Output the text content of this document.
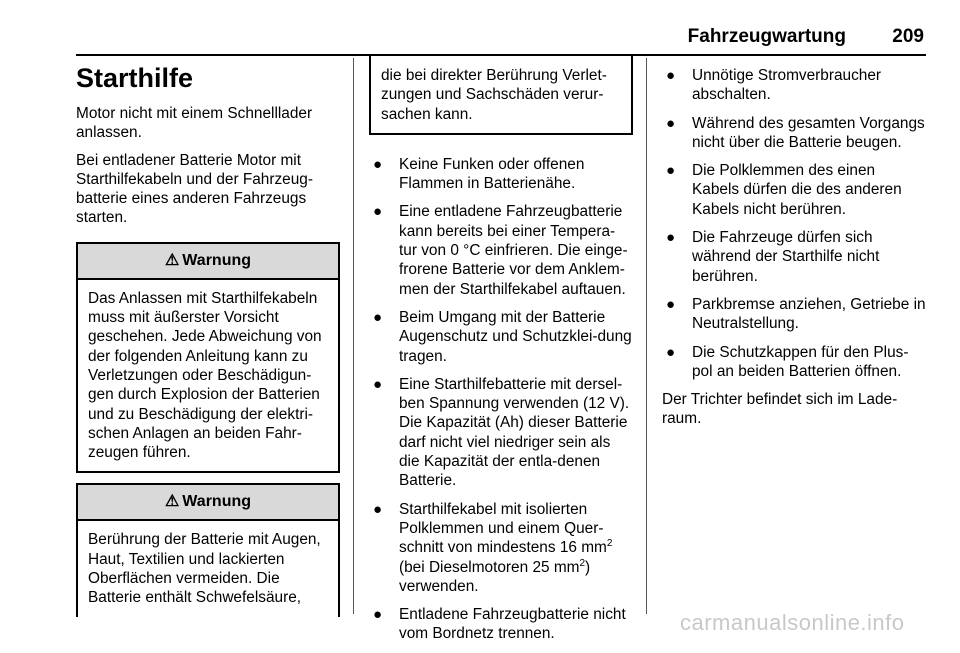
Fahrzeugwartung 209
Starthilfe

Motor nicht mit einem Schnelllader anlassen.

Bei entladener Batterie Motor mit Starthilfekabeln und der Fahrzeug-batterie eines anderen Fahrzeugs starten.

⚠ Warnung
Das Anlassen mit Starthilfekabeln muss mit äußerster Vorsicht geschehen. Jede Abweichung von der folgenden Anleitung kann zu Verletzungen oder Beschädigun-gen durch Explosion der Batterien und zu Beschädigung der elektri-schen Anlagen an beiden Fahr-zeugen führen.
⚠ Warnung
Berührung der Batterie mit Augen, Haut, Textilien und lackierten Oberflächen vermeiden. Die Batterie enthält Schwefelsäure,
die bei direkter Berührung Verlet-zungen und Sachschäden verur-sachen kann.
● Keine Funken oder offenen Flammen in Batterienähe.
● Eine entladene Fahrzeugbatterie kann bereits bei einer Tempera-tur von 0 °C einfrieren. Die einge-frorene Batterie vor dem Anklem-men der Starthilfekabel auftauen.
● Beim Umgang mit der Batterie Augenschutz und Schutzklei-dung tragen.
● Eine Starthilfebatterie mit dersel-ben Spannung verwenden (12 V). Die Kapazität (Ah) dieser Batterie darf nicht viel niedriger sein als die Kapazität der entla-denen Batterie.
● Starthilfekabel mit isolierten Polklemmen und einem Quer-schnitt von mindestens 16 $mm^2$ (bei Dieselmotoren 25 $mm^2$) verwenden.
● Entladene Fahrzeugbatterie nicht vom Bordnetz trennen.
● Unnötige Stromverbraucher abschalten.
● Während des gesamten Vorgangs nicht über die Batterie beugen.
● Die Polklemmen des einen Kabels dürfen die des anderen Kabels nicht berühren.
● Die Fahrzeuge dürfen sich während der Starthilfe nicht berühren.
● Parkbremse anziehen, Getriebe in Neutralstellung.
● Die Schutzkappen für den Plus-pol an beiden Batterien öffnen.

Der Trichter befindet sich im Lade-raum.

carmanualsonline.info
